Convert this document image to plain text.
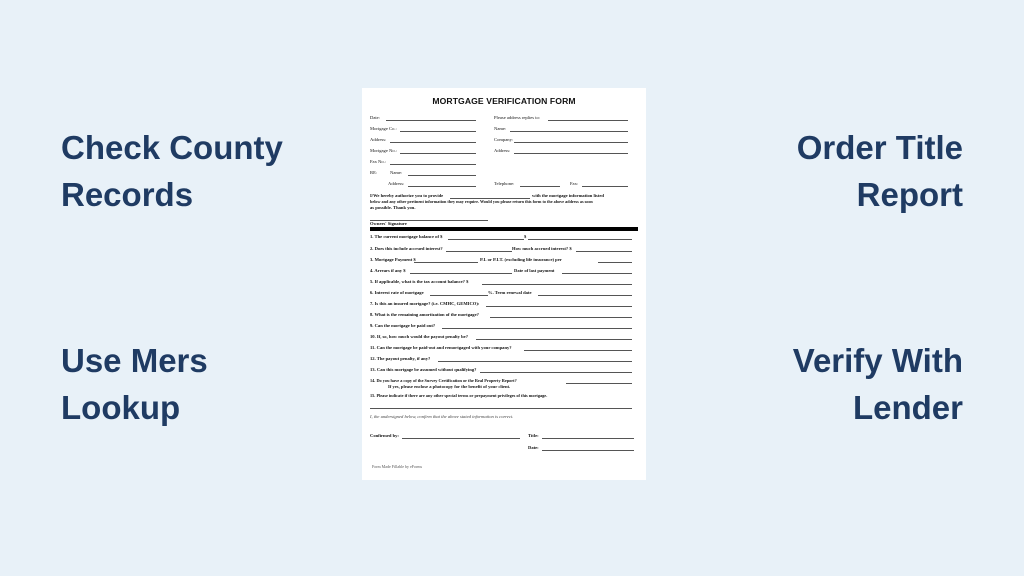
Check County
Records
Use Mers
Lookup
Order Title
Report
Verify With
Lender
MORTGAGE VERIFICATION FORM
Date:
Mortgage Co.:
Address:
Mortgage No.:
Fax No.:
RE:	Name:
Address:
Please address replies to:
Name:
Company:
Address:
Telephone:	Fax:
I/We hereby authorize you to provide	with the mortgage information listed
below and any other pertinent information they may require. Would you please return this form to the above address as soon
as possible. Thank you.
Owners' Signature
1. The current mortgage balance of $	$
2. Does this include accrued interest?	How much accrued interest? $
3. Mortgage Payment $	P.I. or P.I.T. (excluding life insurance) per
4. Arrears if any $	Date of last payment
5. If applicable, what is the tax account balance? $
6. Interest rate of mortgage	%. Term renewal date
7. Is this an insured mortgage? (i.e. CMHC, GEMICO):
8. What is the remaining amortization of the mortgage?
9. Can the mortgage be paid out?
10. If, so, how much would the payout penalty be?
11. Can the mortgage be paid-out and remortgaged with your company?
12. The payout penalty, if any?
13. Can this mortgage be assumed without qualifying?
14. Do you have a copy of the Survey Certification or the Real Property Report?
If yes, please enclose a photocopy for the benefit of your client.
15. Please indicate if there are any other special terms or prepayment privileges of this mortgage.
I, the undersigned below, confirm that the above stated information is correct.
Confirmed by:	Title:
Date:
Form Made Fillable by eForms
